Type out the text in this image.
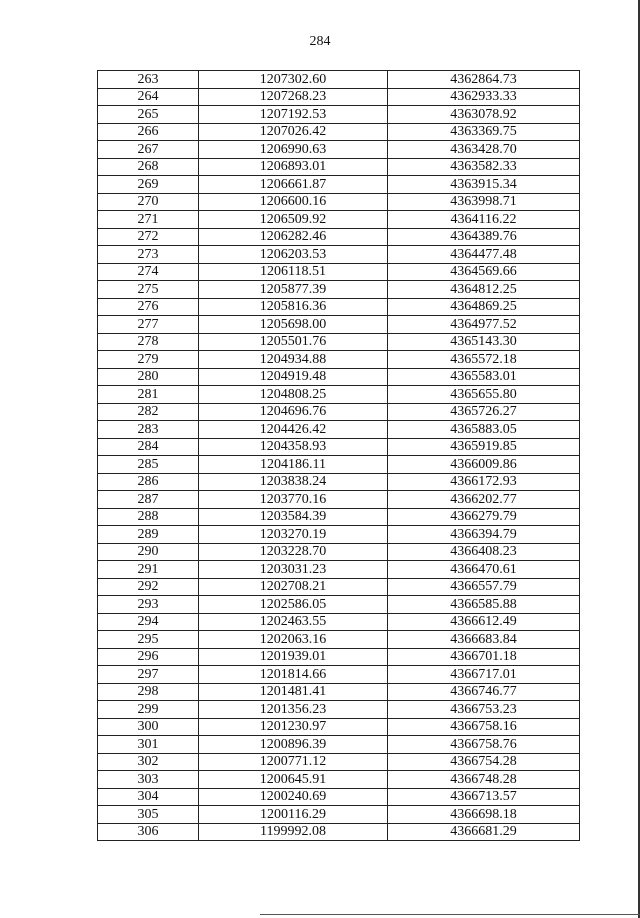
284
263	1207302.60	4362864.73
264	1207268.23	4362933.33
265	1207192.53	4363078.92
266	1207026.42	4363369.75
267	1206990.63	4363428.70
268	1206893.01	4363582.33
269	1206661.87	4363915.34
270	1206600.16	4363998.71
271	1206509.92	4364116.22
272	1206282.46	4364389.76
273	1206203.53	4364477.48
274	1206118.51	4364569.66
275	1205877.39	4364812.25
276	1205816.36	4364869.25
277	1205698.00	4364977.52
278	1205501.76	4365143.30
279	1204934.88	4365572.18
280	1204919.48	4365583.01
281	1204808.25	4365655.80
282	1204696.76	4365726.27
283	1204426.42	4365883.05
284	1204358.93	4365919.85
285	1204186.11	4366009.86
286	1203838.24	4366172.93
287	1203770.16	4366202.77
288	1203584.39	4366279.79
289	1203270.19	4366394.79
290	1203228.70	4366408.23
291	1203031.23	4366470.61
292	1202708.21	4366557.79
293	1202586.05	4366585.88
294	1202463.55	4366612.49
295	1202063.16	4366683.84
296	1201939.01	4366701.18
297	1201814.66	4366717.01
298	1201481.41	4366746.77
299	1201356.23	4366753.23
300	1201230.97	4366758.16
301	1200896.39	4366758.76
302	1200771.12	4366754.28
303	1200645.91	4366748.28
304	1200240.69	4366713.57
305	1200116.29	4366698.18
306	1199992.08	4366681.29
